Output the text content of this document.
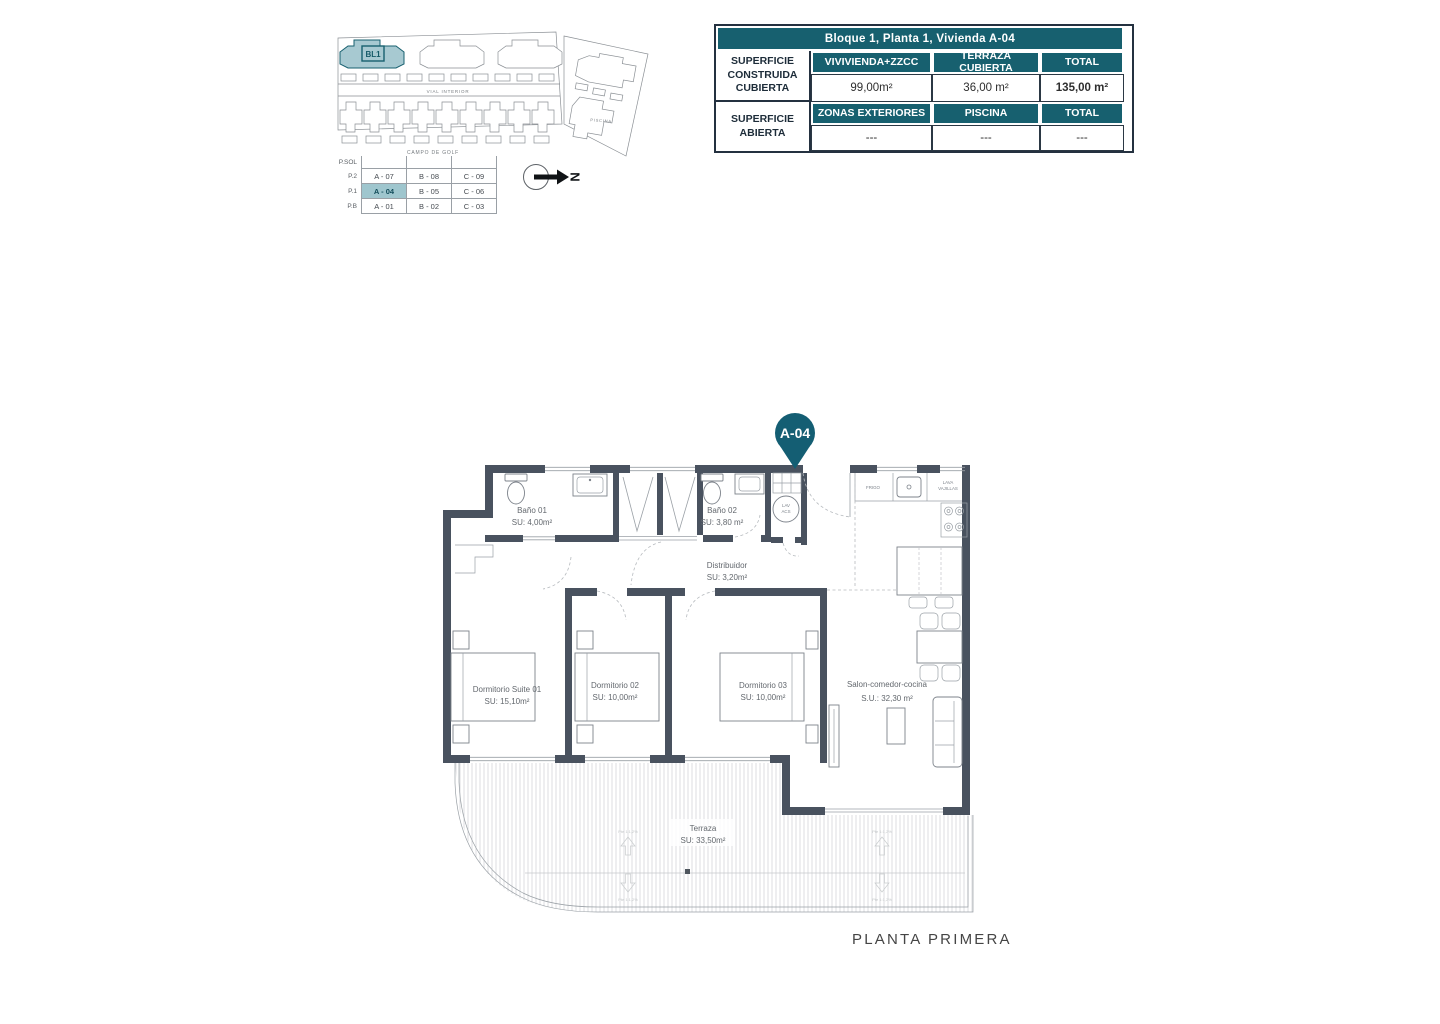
BL1
VIAL INTERIOR
CAMPO DE GOLF
PISCINA
P.SOL			
P.2	A - 07	B - 08	C - 09
P.1	A - 04	B - 05	C - 06
P.B	A - 01	B - 02	C - 03
N
Bloque 1, Planta 1, Vivienda A-04
SUPERFICIE
CONSTRUIDA
CUBIERTA
VIVIVIENDA+ZZCC	TERRAZA CUBIERTA	TOTAL
99,00m²	36,00 m²	135,00 m²
SUPERFICIE
ABIERTA
ZONAS EXTERIORES	PISCINA	TOTAL
---	---	---
Pte 1:1,2%
Pte 1:1,2%
Pte 1:1,2%
Pte 1:1,2%
LAV
ACS
FRIGO
LAVA
VAJILLAS
Baño 01
SU: 4,00m²
Baño 02
SU: 3,80 m²
Distribuidor
SU: 3,20m²
Dormitorio Suite 01
SU: 15,10m²
Dormitorio 02
SU: 10,00m²
Dormitorio 03
SU: 10,00m²
Salon-comedor-cocina
S.U.: 32,30 m²
Terraza
SU: 33,50m²
A-04
PLANTA PRIMERA
